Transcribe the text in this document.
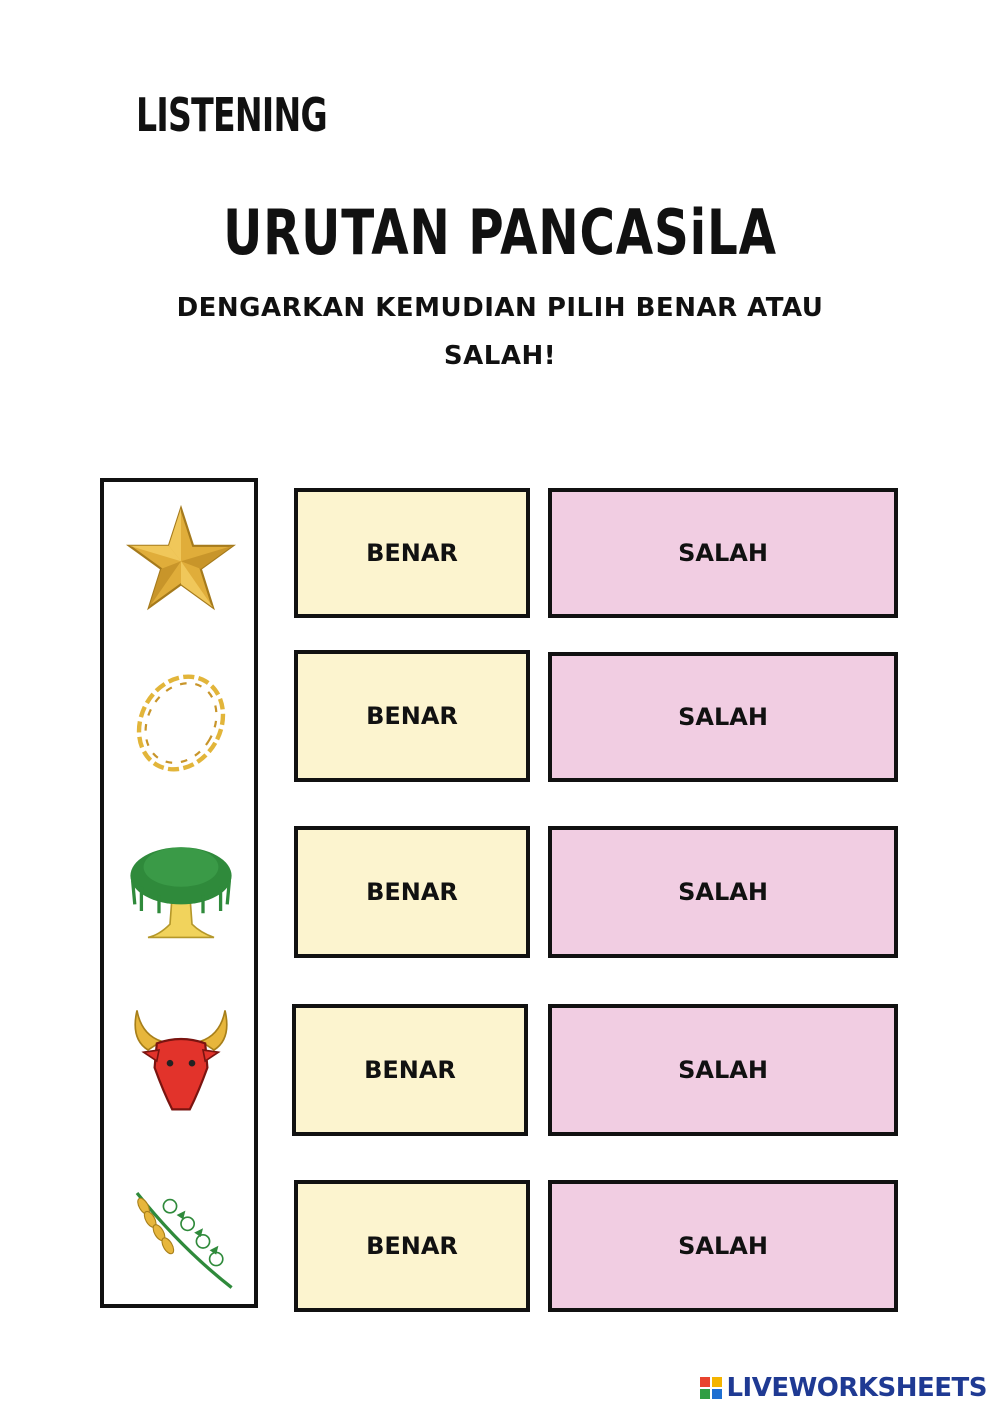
LISTENING
URUTAN PANCASiLA
DENGARKAN KEMUDIAN PILIH BENAR ATAU SALAH!
BENAR	SALAH
BENAR	SALAH
BENAR	SALAH
BENAR	SALAH
BENAR	SALAH
LIVEWORKSHEETS
